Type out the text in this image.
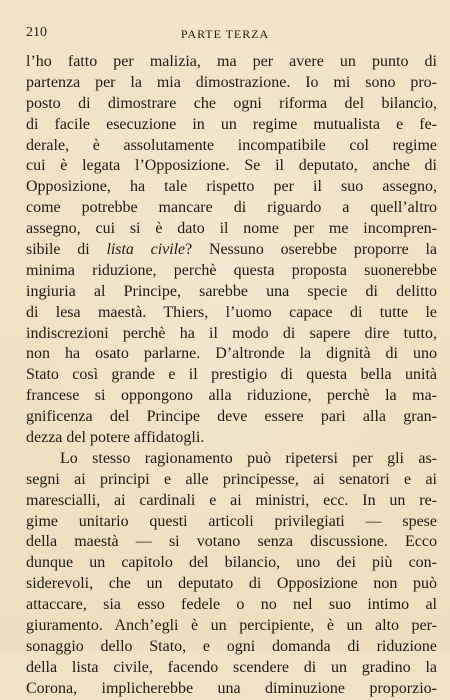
210	PARTE TERZA
l’ho fatto per malizia, ma per avere un punto di
partenza per la mia dimostrazione. Io mi sono pro-
posto di dimostrare che ogni riforma del bilancio,
di facile esecuzione in un regime mutualista e fe-
derale, è assolutamente incompatibile col regime
cui è legata l’Opposizione. Se il deputato, anche di
Opposizione, ha tale rispetto per il suo assegno,
come potrebbe mancare di riguardo a quell’altro
assegno, cui si è dato il nome per me incompren-
sibile di lista civile? Nessuno oserebbe proporre la
minima riduzione, perchè questa proposta suonerebbe
ingiuria al Principe, sarebbe una specie di delitto
di lesa maestà. Thiers, l’uomo capace di tutte le
indiscrezioni perchè ha il modo di sapere dire tutto,
non ha osato parlarne. D’altronde la dignità di uno
Stato così grande e il prestigio di questa bella unità
francese si oppongono alla riduzione, perchè la ma-
gnificenza del Principe deve essere pari alla gran-
dezza del potere affidatogli.
Lo stesso ragionamento può ripetersi per gli as-
segni ai principi e alle principesse, ai senatori e ai
marescialli, ai cardinali e ai ministri, ecc. In un re-
gime unitario questi articoli privilegiati — spese
della maestà — si votano senza discussione. Ecco
dunque un capitolo del bilancio, uno dei più con-
siderevoli, che un deputato di Opposizione non può
attaccare, sia esso fedele o no nel suo intimo al
giuramento. Anch’egli è un percipiente, è un alto per-
sonaggio dello Stato, e ogni domanda di riduzione
della lista civile, facendo scendere di un gradino la
Corona, implicherebbe una diminuzione proporzio-
